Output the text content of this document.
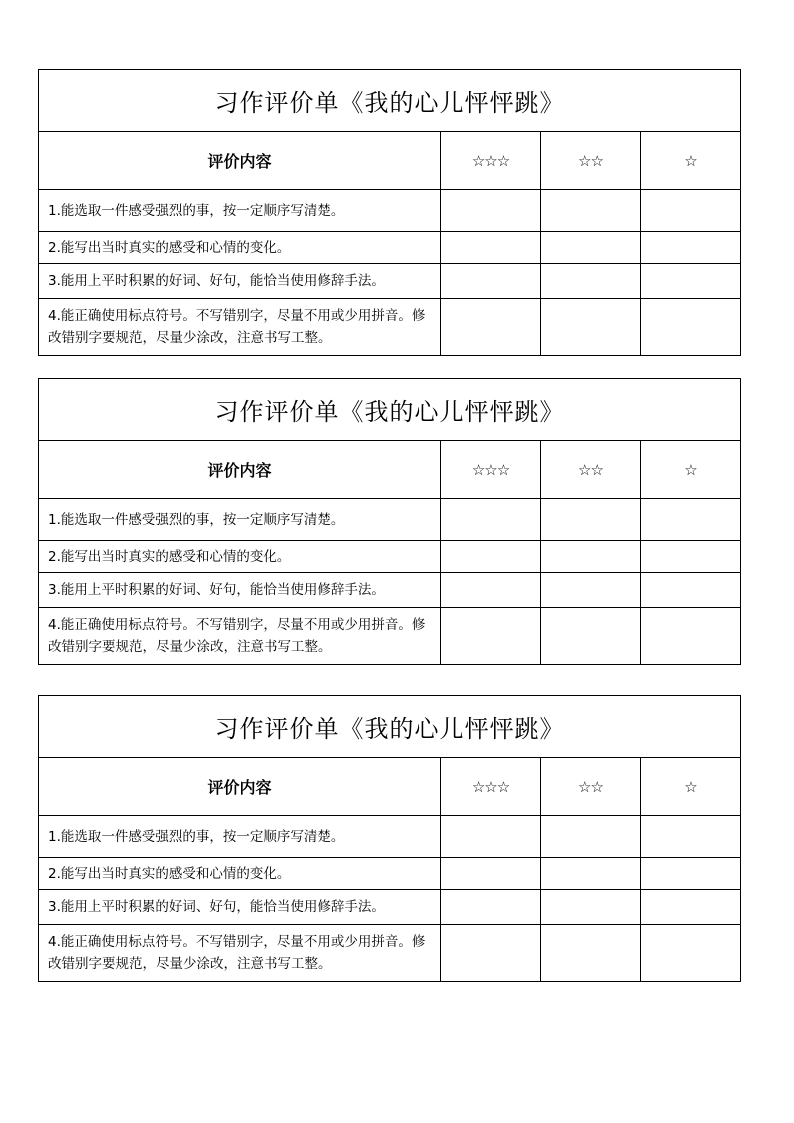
习作评价单《我的心儿怦怦跳》			
评价内容	☆☆☆	☆☆	☆
1.能选取一件感受强烈的事，按一定顺序写清楚。			
2.能写出当时真实的感受和心情的变化。			
3.能用上平时积累的好词、好句，能恰当使用修辞手法。			
4.能正确使用标点符号。不写错别字，尽量不用或少用拼音。修改错别字要规范，尽量少涂改，注意书写工整。			
习作评价单《我的心儿怦怦跳》			
评价内容	☆☆☆	☆☆	☆
1.能选取一件感受强烈的事，按一定顺序写清楚。			
2.能写出当时真实的感受和心情的变化。			
3.能用上平时积累的好词、好句，能恰当使用修辞手法。			
4.能正确使用标点符号。不写错别字，尽量不用或少用拼音。修改错别字要规范，尽量少涂改，注意书写工整。			
习作评价单《我的心儿怦怦跳》			
评价内容	☆☆☆	☆☆	☆
1.能选取一件感受强烈的事，按一定顺序写清楚。			
2.能写出当时真实的感受和心情的变化。			
3.能用上平时积累的好词、好句，能恰当使用修辞手法。			
4.能正确使用标点符号。不写错别字，尽量不用或少用拼音。修改错别字要规范，尽量少涂改，注意书写工整。			
